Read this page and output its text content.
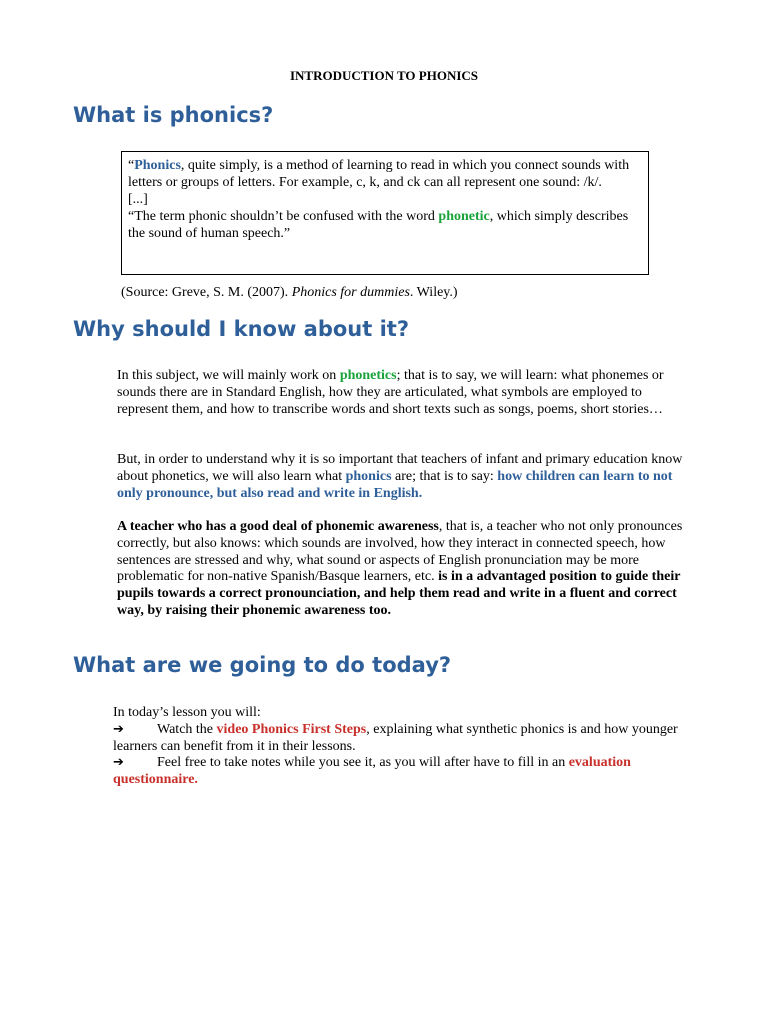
INTRODUCTION TO PHONICS
What is phonics?

“Phonics, quite simply, is a method of learning to read in which you connect sounds with letters or groups of letters. For example, c, k, and ck can all represent one sound: /k/.

[...]

“The term phonic shouldn’t be confused with the word phonetic, which simply describes the sound of human speech.”

(Source: Greve, S. M. (2007). Phonics for dummies. Wiley.)
Why should I know about it?

In this subject, we will mainly work on phonetics; that is to say, we will learn: what phonemes or sounds there are in Standard English, how they are articulated, what symbols are employed to represent them, and how to transcribe words and short texts such as songs, poems, short stories…

But, in order to understand why it is so important that teachers of infant and primary education know about phonetics, we will also learn what phonics are; that is to say: how children can learn to not only pronounce, but also read and write in English.

A teacher who has a good deal of phonemic awareness, that is, a teacher who not only pronounces correctly, but also knows: which sounds are involved, how they interact in connected speech, how sentences are stressed and why, what sound or aspects of English pronunciation may be more problematic for non-native Spanish/Basque learners, etc. is in a advantaged position to guide their pupils towards a correct pronounciation, and help them read and write in a fluent and correct way, by raising their phonemic awareness too.

What are we going to do today?

In today’s lesson you will:

➔ Watch the video Phonics First Steps, explaining what synthetic phonics is and how younger learners can benefit from it in their lessons.

➔ Feel free to take notes while you see it, as you will after have to fill in an evaluation questionnaire.
